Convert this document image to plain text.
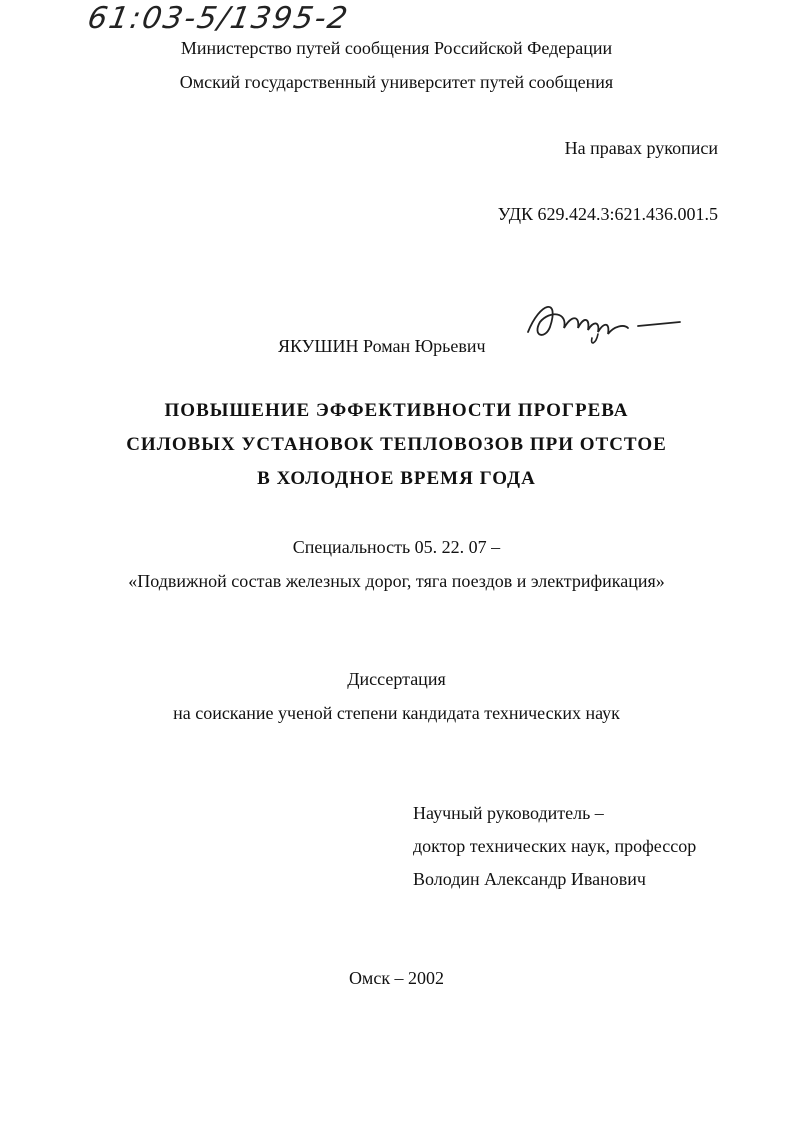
61:03-5/1395-2
Министерство путей сообщения Российской Федерации
Омский государственный университет путей сообщения
На правах рукописи
УДК 629.424.3:621.436.001.5
ЯКУШИН Роман Юрьевич
ПОВЫШЕНИЕ ЭФФЕКТИВНОСТИ ПРОГРЕВА
СИЛОВЫХ УСТАНОВОК ТЕПЛОВОЗОВ ПРИ ОТСТОЕ
В ХОЛОДНОЕ ВРЕМЯ ГОДА
Специальность 05. 22. 07 –
«Подвижной состав железных дорог, тяга поездов и электрификация»
Диссертация
на соискание ученой степени кандидата технических наук
Научный руководитель –
доктор технических наук, профессор
Володин Александр Иванович
Омск – 2002
